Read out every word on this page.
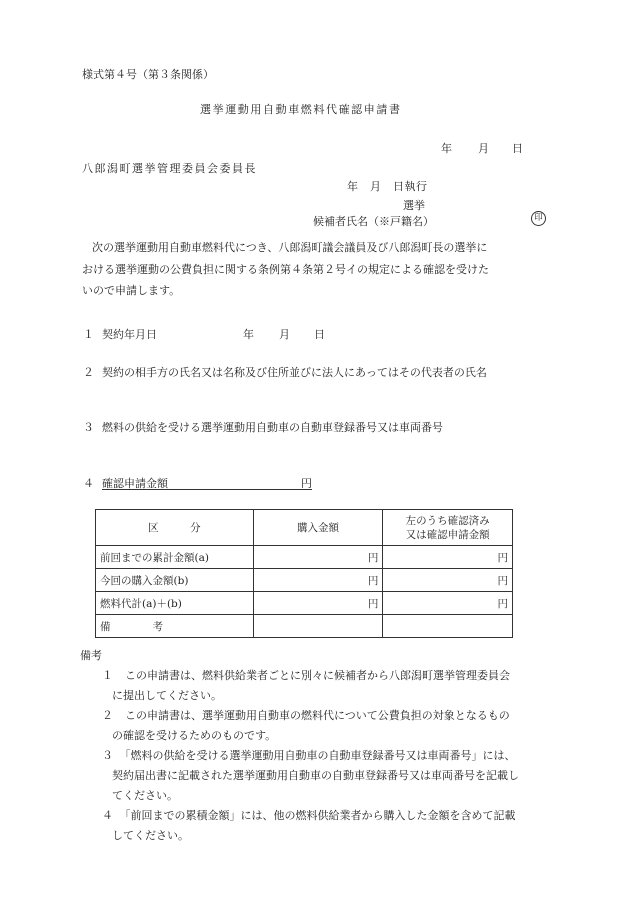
様式第４号（第３条関係）
選挙運動用自動車燃料代確認申請書
年 月 日
八郎潟町選挙管理委員会委員長
年　月　日執行
選挙
候補者氏名（※戸籍名）	印
次の選挙運動用自動車燃料代につき、八郎潟町議会議員及び八郎潟町長の選挙に
おける選挙運動の公費負担に関する条例第４条第２号イの規定による確認を受けた
いので申請します。
１ 契約年月日	年 月 日
２ 契約の相手方の氏名又は名称及び住所並びに法人にあってはその代表者の氏名
３ 燃料の供給を受ける選挙運動用自動車の自動車登録番号又は車両番号
４ 確認申請金額	円
区　　　分	購入金額	左のうち確認済み
又は確認申請金額

前回までの累計金額(a)	円	円
今回の購入金額(b)	円	円
燃料代計(a)＋(b)	円	円
備　　　　考		
備考
１　 この申請書は、燃料供給業者ごとに別々に候補者から八郎潟町選挙管理委員会に提出してください。
２　 この申請書は、選挙運動用自動車の燃料代について公費負担の対象となるものの確認を受けるためのものです。
３　 「燃料の供給を受ける選挙運動用自動車の自動車登録番号又は車両番号」には、契約届出書に記載された選挙運動用自動車の自動車登録番号又は車両番号を記載してください。
４　 「前回までの累積金額」には、他の燃料供給業者から購入した金額を含めて記載してください。
